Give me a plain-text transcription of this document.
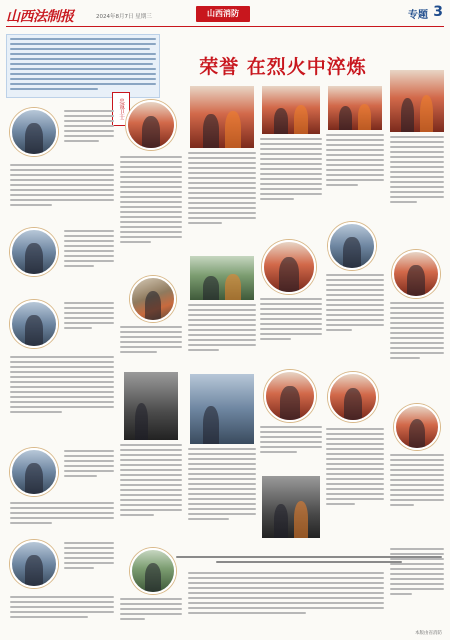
山西法制报	2024年8月7日 星期三	山西消防	专题 3
忠诚卫士
荣誉 在烈火中淬炼
本版由省消防
